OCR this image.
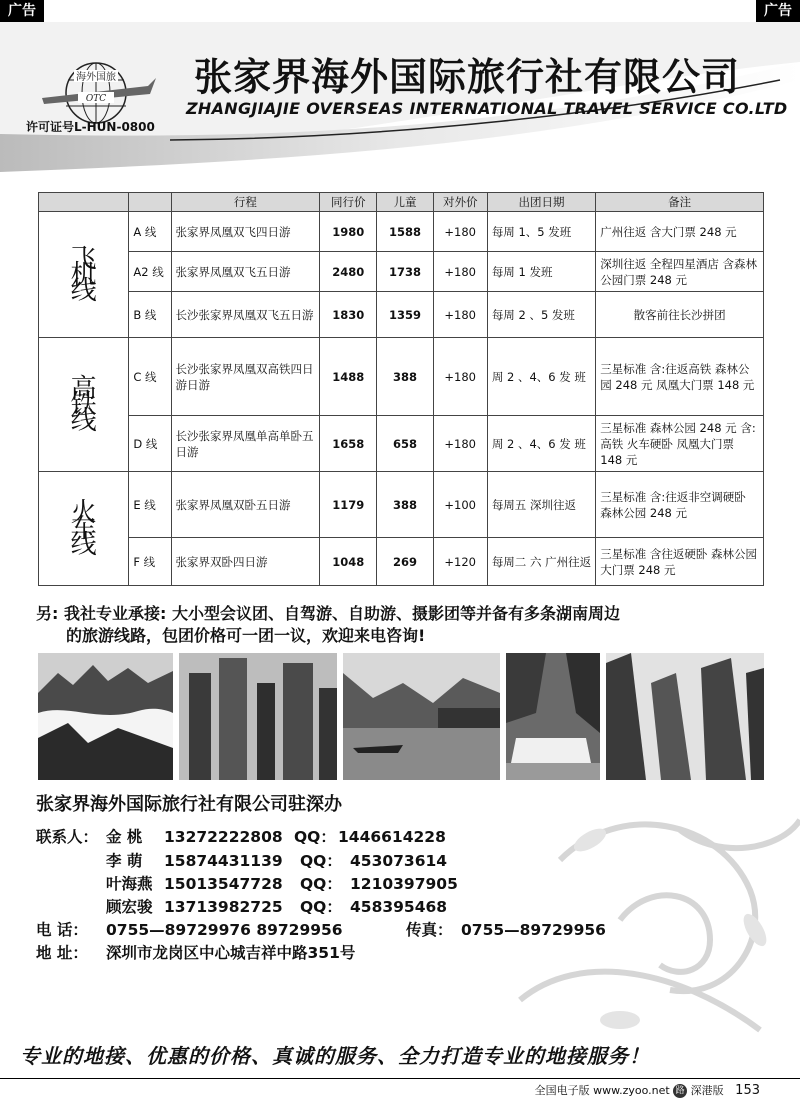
广告	广告
海外国旅
OTC
许可证号L-HUN-0800
张家界海外国际旅行社有限公司
ZHANGJIAJIE OVERSEAS INTERNATIONAL TRAVEL SERVICE CO.LTD
		行程	同行价	儿童	对外价	出团日期	备注
飞机线	A 线	张家界凤凰双飞四日游	1980	1588	+180	每周 1、5 发班	广州往返 含大门票 248 元
	A2 线	张家界凤凰双飞五日游	2480	1738	+180	每周 1 发班	深圳往返 全程四星酒店 含森林公园门票 248 元
	B 线	长沙张家界凤凰双飞五日游	1830	1359	+180	每周 2 、5 发班	散客前往长沙拼团
高铁线	C 线	长沙张家界凤凰双高铁四日游日游	1488	388	+180	周 2 、4、6 发 班	三星标准 含:往返高铁 森林公园 248 元 凤凰大门票 148 元
	D 线	长沙张家界凤凰单高单卧五日游	1658	658	+180	周 2 、4、6 发 班	三星标准 森林公园 248 元 含:高铁 火车硬卧 凤凰大门票 148 元
火车线	E 线	张家界凤凰双卧五日游	1179	388	+100	每周五 深圳往返	三星标准 含:往返非空调硬卧 森林公园 248 元
	F 线	张家界双卧四日游	1048	269	+120	每周二 六 广州往返	三星标准 含往返硬卧 森林公园大门票 248 元
另: 我社专业承接: 大小型会议团、自驾游、自助游、摄影团等并备有多条湖南周边
的旅游线路，包团价格可一团一议，欢迎来电咨询!
张家界海外国际旅行社有限公司驻深办
联系人： 金 桃 13272222808 QQ： 1446614228
李 萌 15874431139 QQ： 453073614
叶海燕 15013547728 QQ： 1210397905
顾宏骏 13713982725 QQ： 458395468
电 话： 0755—89729976 89729956	传真： 0755—89729956
地 址： 深圳市龙岗区中心城吉祥中路351号
专业的地接、优惠的价格、真诚的服务、全力打造专业的地接服务！
全国电子版 www.zyoo.net 路 深港版 153
